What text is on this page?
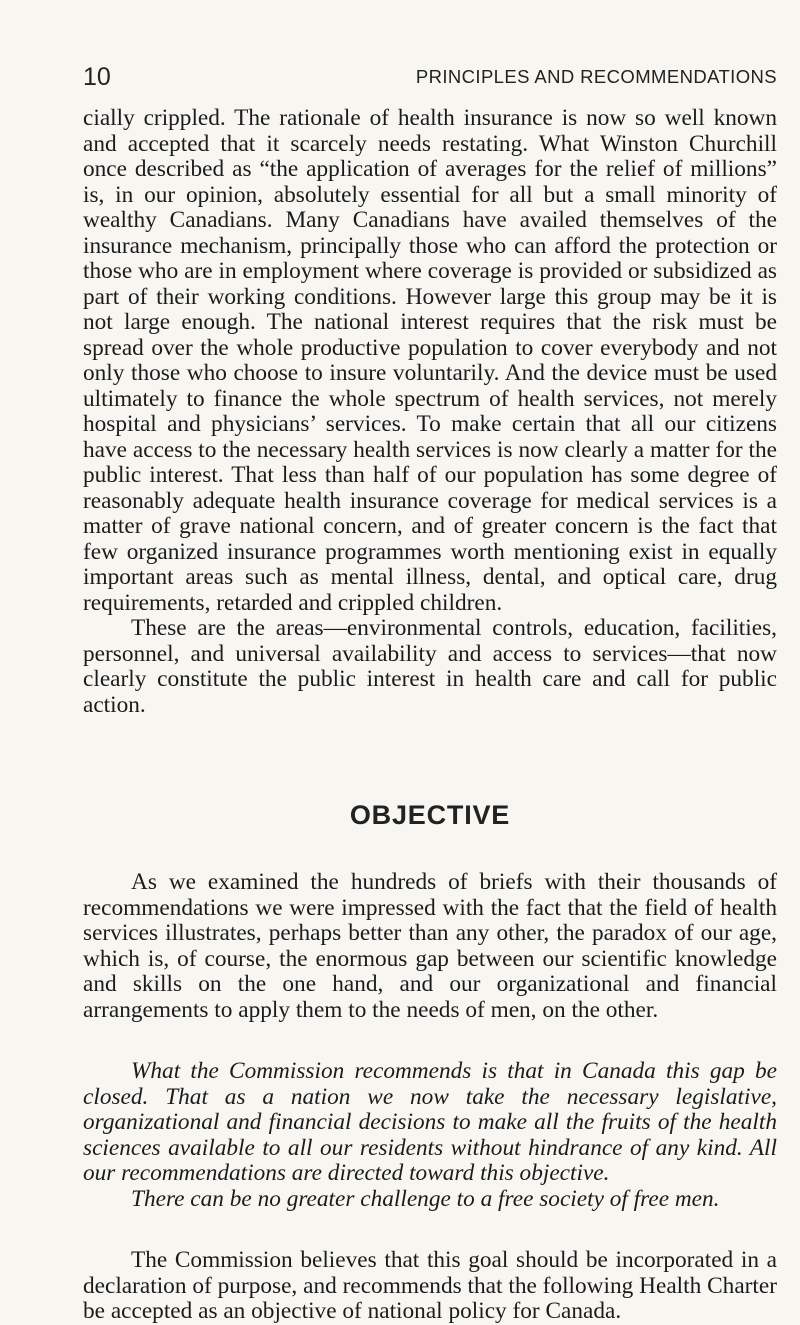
10	PRINCIPLES AND RECOMMENDATIONS

cially crippled. The rationale of health insurance is now so well known and accepted that it scarcely needs restating. What Winston Churchill once described as “the application of averages for the relief of millions” is, in our opinion, absolutely essential for all but a small minority of wealthy Canadians. Many Canadians have availed themselves of the insurance mechanism, principally those who can afford the protection or those who are in employment where coverage is provided or subsidized as part of their working conditions. However large this group may be it is not large enough. The national interest requires that the risk must be spread over the whole productive population to cover everybody and not only those who choose to insure voluntarily. And the device must be used ultimately to finance the whole spectrum of health services, not merely hospital and physicians’ services. To make certain that all our citizens have access to the necessary health services is now clearly a matter for the public interest. That less than half of our population has some degree of reasonably adequate health insurance coverage for medical services is a matter of grave national concern, and of greater concern is the fact that few organized insurance programmes worth mentioning exist in equally important areas such as mental illness, dental, and optical care, drug requirements, retarded and crippled children.

These are the areas—environmental controls, education, facilities, personnel, and universal availability and access to services—that now clearly constitute the public interest in health care and call for public action.

OBJECTIVE

As we examined the hundreds of briefs with their thousands of recommendations we were impressed with the fact that the field of health services illustrates, perhaps better than any other, the paradox of our age, which is, of course, the enormous gap between our scientific knowledge and skills on the one hand, and our organizational and financial arrangements to apply them to the needs of men, on the other.

What the Commission recommends is that in Canada this gap be closed. That as a nation we now take the necessary legislative, organizational and financial decisions to make all the fruits of the health sciences available to all our residents without hindrance of any kind. All our recommendations are directed toward this objective.

There can be no greater challenge to a free society of free men.

The Commission believes that this goal should be incorporated in a declaration of purpose, and recommends that the following Health Charter be accepted as an objective of national policy for Canada.
